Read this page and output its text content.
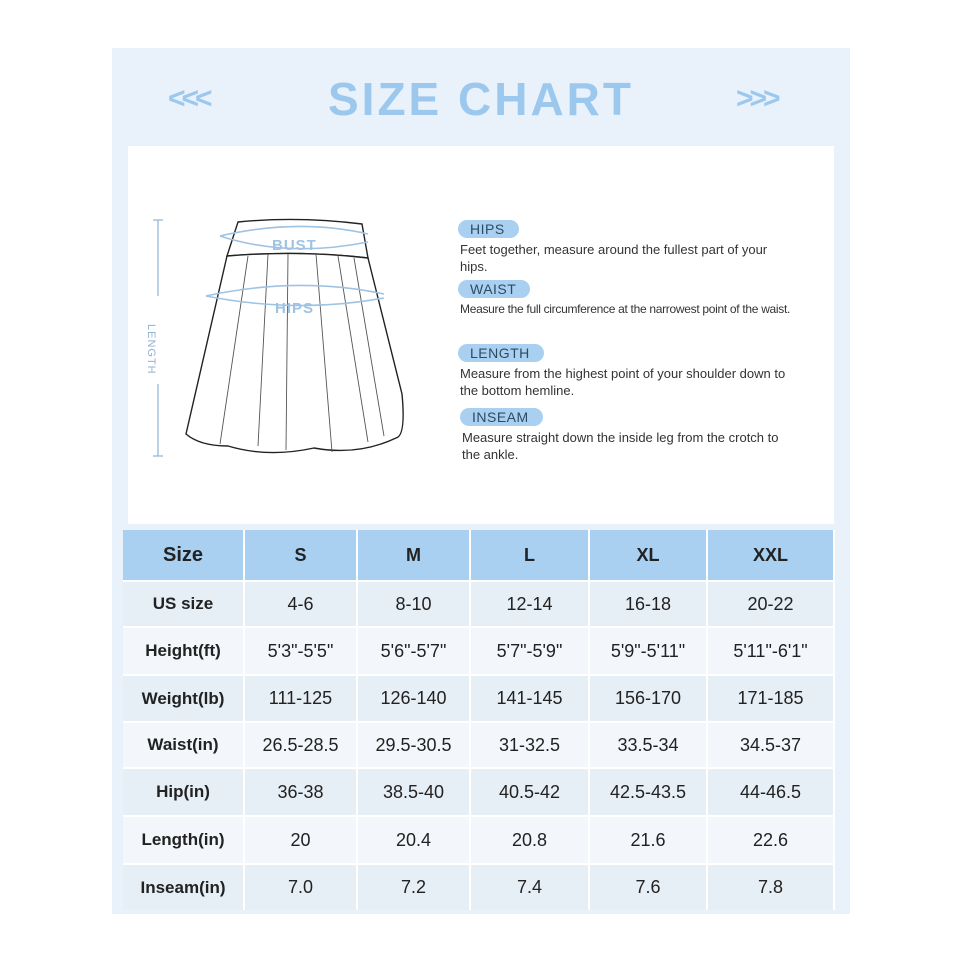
<<<	SIZE CHART	>>>
BUST
HIPS
LENGTH
HIPS
Feet together, measure around the fullest part of your hips.
WAIST
Measure the full circumference at the narrowest point of the waist.
LENGTH
Measure from the highest point of your shoulder down to the bottom hemline.
INSEAM
Measure straight down the inside leg from the crotch to the ankle.
Size	S	M	L	XL	XXL
US size	4-6	8-10	12-14	16-18	20-22
Height(ft)	5'3"-5'5"	5'6"-5'7"	5'7"-5'9"	5'9"-5'11"	5'11"-6'1"
Weight(lb)	111-125	126-140	141-145	156-170	171-185
Waist(in)	26.5-28.5	29.5-30.5	31-32.5	33.5-34	34.5-37
Hip(in)	36-38	38.5-40	40.5-42	42.5-43.5	44-46.5
Length(in)	20	20.4	20.8	21.6	22.6
Inseam(in)	7.0	7.2	7.4	7.6	7.8
